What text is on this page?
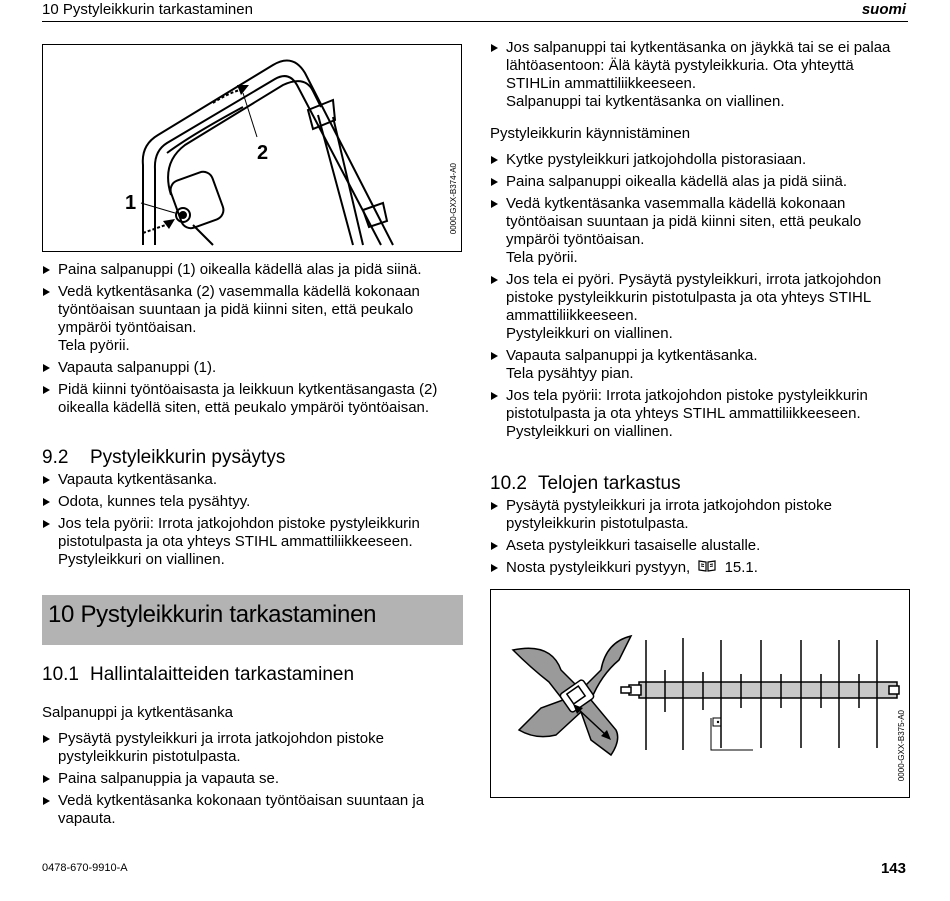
10 Pystyleikkurin tarkastaminen	suomi
1
2
0000-GXX-B374-A0
Paina salpanuppi (1) oikealla kädellä alas ja pidä siinä.
Vedä kytkentäsanka (2) vasemmalla kädellä kokonaan
työntöaisan suuntaan ja pidä kiinni siten, että peukalo
ympäröi työntöaisan.
Tela pyörii.
Vapauta salpanuppi (1).
Pidä kiinni työntöaisasta ja leikkuun kytkentäsangasta (2)
oikealla kädellä siten, että peukalo ympäröi työntöaisan.
9.2 Pystyleikkurin pysäytys
Vapauta kytkentäsanka.
Odota, kunnes tela pysähtyy.
Jos tela pyörii: Irrota jatkojohdon pistoke pystyleikkurin
pistotulpasta ja ota yhteys STIHL ammattiliikkeeseen.
Pystyleikkuri on viallinen.
10 Pystyleikkurin tarkastaminen
10.1 Hallintalaitteiden tarkastaminen
Salpanuppi ja kytkentäsanka
Pysäytä pystyleikkuri ja irrota jatkojohdon pistoke
pystyleikkurin pistotulpasta.
Paina salpanuppia ja vapauta se.
Vedä kytkentäsanka kokonaan työntöaisan suuntaan ja
vapauta.
Jos salpanuppi tai kytkentäsanka on jäykkä tai se ei palaa
lähtöasentoon: Älä käytä pystyleikkuria. Ota yhteyttä
STIHLin ammattiliikkeeseen.
Salpanuppi tai kytkentäsanka on viallinen.
Pystyleikkurin käynnistäminen
Kytke pystyleikkuri jatkojohdolla pistorasiaan.
Paina salpanuppi oikealla kädellä alas ja pidä siinä.
Vedä kytkentäsanka vasemmalla kädellä kokonaan
työntöaisan suuntaan ja pidä kiinni siten, että peukalo
ympäröi työntöaisan.
Tela pyörii.
Jos tela ei pyöri. Pysäytä pystyleikkuri, irrota jatkojohdon
pistoke pystyleikkurin pistotulpasta ja ota yhteys STIHL
ammattiliikkeeseen.
Pystyleikkuri on viallinen.
Vapauta salpanuppi ja kytkentäsanka.
Tela pysähtyy pian.
Jos tela pyörii: Irrota jatkojohdon pistoke pystyleikkurin
pistotulpasta ja ota yhteys STIHL ammattiliikkeeseen.
Pystyleikkuri on viallinen.
10.2 Telojen tarkastus
Pysäytä pystyleikkuri ja irrota jatkojohdon pistoke
pystyleikkurin pistotulpasta.
Aseta pystyleikkuri tasaiselle alustalle.
Nosta pystyleikkuri pystyyn, 15.1.
0000-GXX-B375-A0
0478-670-9910-A	143
